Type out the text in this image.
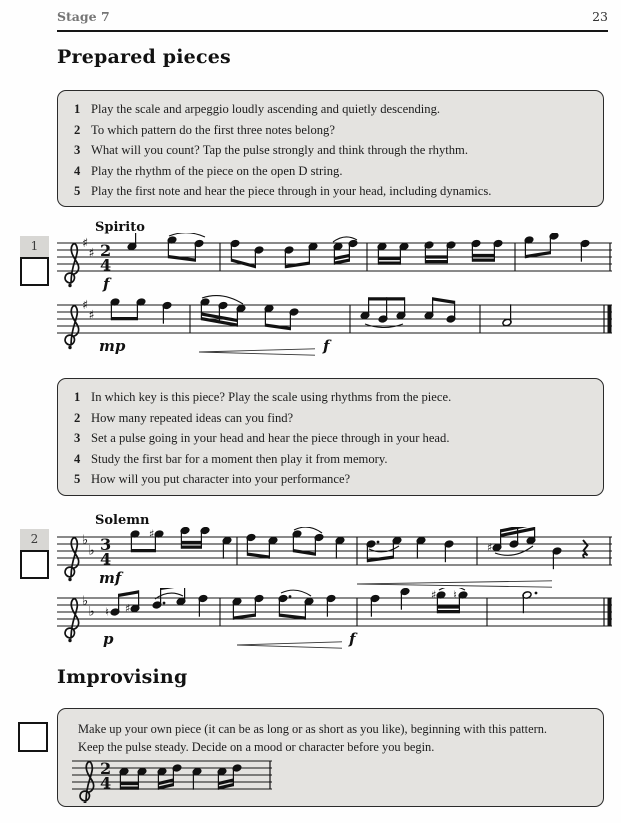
Stage 7	23
Prepared pieces
1 Play the scale and arpeggio loudly ascending and quietly descending.
2 To which pattern do the first three notes belong?
3 What will you count? Tap the pulse strongly and think through the rhythm.
4 Play the rhythm of the piece on the open D string.
5 Play the first note and hear the piece through in your head, including dynamics.
1
Spirito
♯
♯ 2
4
f
♯
♯
mp	f
1 In which key is this piece? Play the scale using rhythms from the piece.
2 How many repeated ideas can you find?
3 Set a pulse going in your head and hear the piece through in your head.
4 Study the first bar for a moment then play it from memory.
5 How will you put character into your performance?
2
Solemn
♭
♭ 3
4
♯
♯
mf
♭
♭ ♮ ♯
♯ ♮
p	f
Improvising
Make up your own piece (it can be as long or as short as you like), beginning with this pattern.
Keep the pulse steady. Decide on a mood or character before you begin.
2
4
